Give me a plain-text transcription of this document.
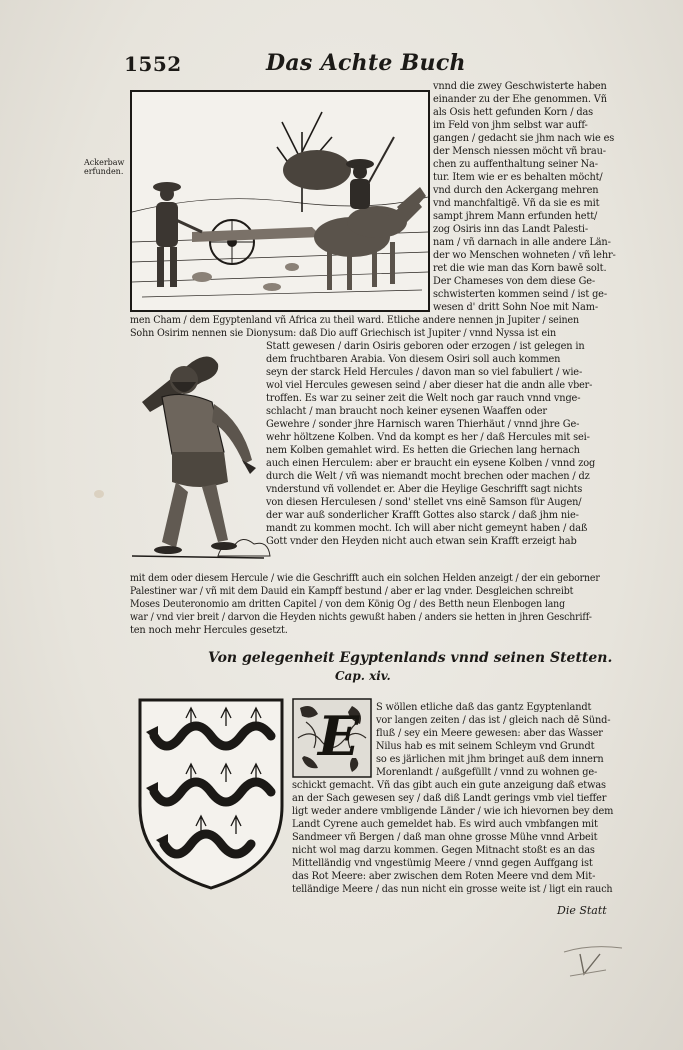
1552	Das Achte Buch
Ackerbaw erfunden.
vnnd die zwey Geschwisterte haben
einander zu der Ehe genommen. Vñ
als Osis hett gefunden Korn / das
im Feld von jhm selbst war auff-
gangen / gedacht sie jhm nach wie es
der Mensch niessen möcht vñ brau-
chen zu auffenthaltung seiner Na-
tur. Item wie er es behalten möcht/
vnd durch den Ackergang mehren
vnd manchfaltigē. Vñ da sie es mit
sampt jhrem Mann erfunden hett/
zog Osiris inn das Landt Palesti-
nam / vñ darnach in alle andere Län-
der wo Menschen wohneten / vñ lehr-
ret die wie man das Korn bawē solt.
Der Chameses von dem diese Ge-
schwisterten kommen seind / ist ge-
wesen d' dritt Sohn Noe mit Nam-
men Cham / dem Egyptenland vñ Africa zu theil ward. Etliche andere nennen jn Jupiter / seinen
Sohn Osirim nennen sie Dionysum: daß Dio auff Griechisch ist Jupiter / vnnd Nyssa ist ein
Statt gewesen / darin Osiris geboren oder erzogen / ist gelegen in
dem fruchtbaren Arabia. Von diesem Osiri soll auch kommen
seyn der starck Held Hercules / davon man so viel fabuliert / wie-
wol viel Hercules gewesen seind / aber dieser hat die andn alle vber-
troffen. Es war zu seiner zeit die Welt noch gar rauch vnnd vnge-
schlacht / man braucht noch keiner eysenen Waaffen oder
Gewehre / sonder jhre Harnisch waren Thierhäut / vnnd jhre Ge-
wehr höltzene Kolben. Vnd da kompt es her / daß Hercules mit sei-
nem Kolben gemahlet wird. Es hetten die Griechen lang hernach
auch einen Herculem: aber er braucht ein eysene Kolben / vnnd zog
durch die Welt / vñ was niemandt mocht brechen oder machen / dz
vnderstund vñ vollendet er. Aber die Heylige Geschrifft sagt nichts
von diesen Herculesen / sond' stellet vns einē Samson für Augen/
der war auß sonderlicher Krafft Gottes also starck / daß jhm nie-
mandt zu kommen mocht. Ich will aber nicht gemeynt haben / daß
Gott vnder den Heyden nicht auch etwan sein Krafft erzeigt hab
mit dem oder diesem Hercule / wie die Geschrifft auch ein solchen Helden anzeigt / der ein geborner
Palestiner war / vñ mit dem Dauid ein Kampff bestund / aber er lag vnder. Desgleichen schreibt
Moses Deuteronomio am dritten Capitel / von dem König Og / des Betth neun Elenbogen lang
war / vnd vier breit / darvon die Heyden nichts gewußt haben / anders sie hetten in jhren Geschriff-
ten noch mehr Hercules gesetzt.
Von gelegenheit Egyptenlands vnnd seinen Stetten.
Cap. xiv.
E S wöllen etliche daß das gantz Egyptenlandt
vor langen zeiten / das ist / gleich nach dē Sünd-
fluß / sey ein Meere gewesen: aber das Wasser
Nilus hab es mit seinem Schleym vnd Grundt
so es järlichen mit jhm bringet auß dem innern
Morenlandt / außgefüllt / vnnd zu wohnen ge-
schickt gemacht. Vñ das gibt auch ein gute anzeigung daß etwas
an der Sach gewesen sey / daß diß Landt gerings vmb viel tieffer
ligt weder andere vmbligende Länder / wie ich hievornen bey dem
Landt Cyrene auch gemeldet hab. Es wird auch vmbfangen mit
Sandmeer vñ Bergen / daß man ohne grosse Mühe vnnd Arbeit
nicht wol mag darzu kommen. Gegen Mitnacht stoßt es an das
Mittelländig vnd vngestümig Meere / vnnd gegen Auffgang ist
das Rot Meere: aber zwischen dem Roten Meere vnd dem Mit-
telländige Meere / das nun nicht ein grosse weite ist / ligt ein rauch
Die Statt
